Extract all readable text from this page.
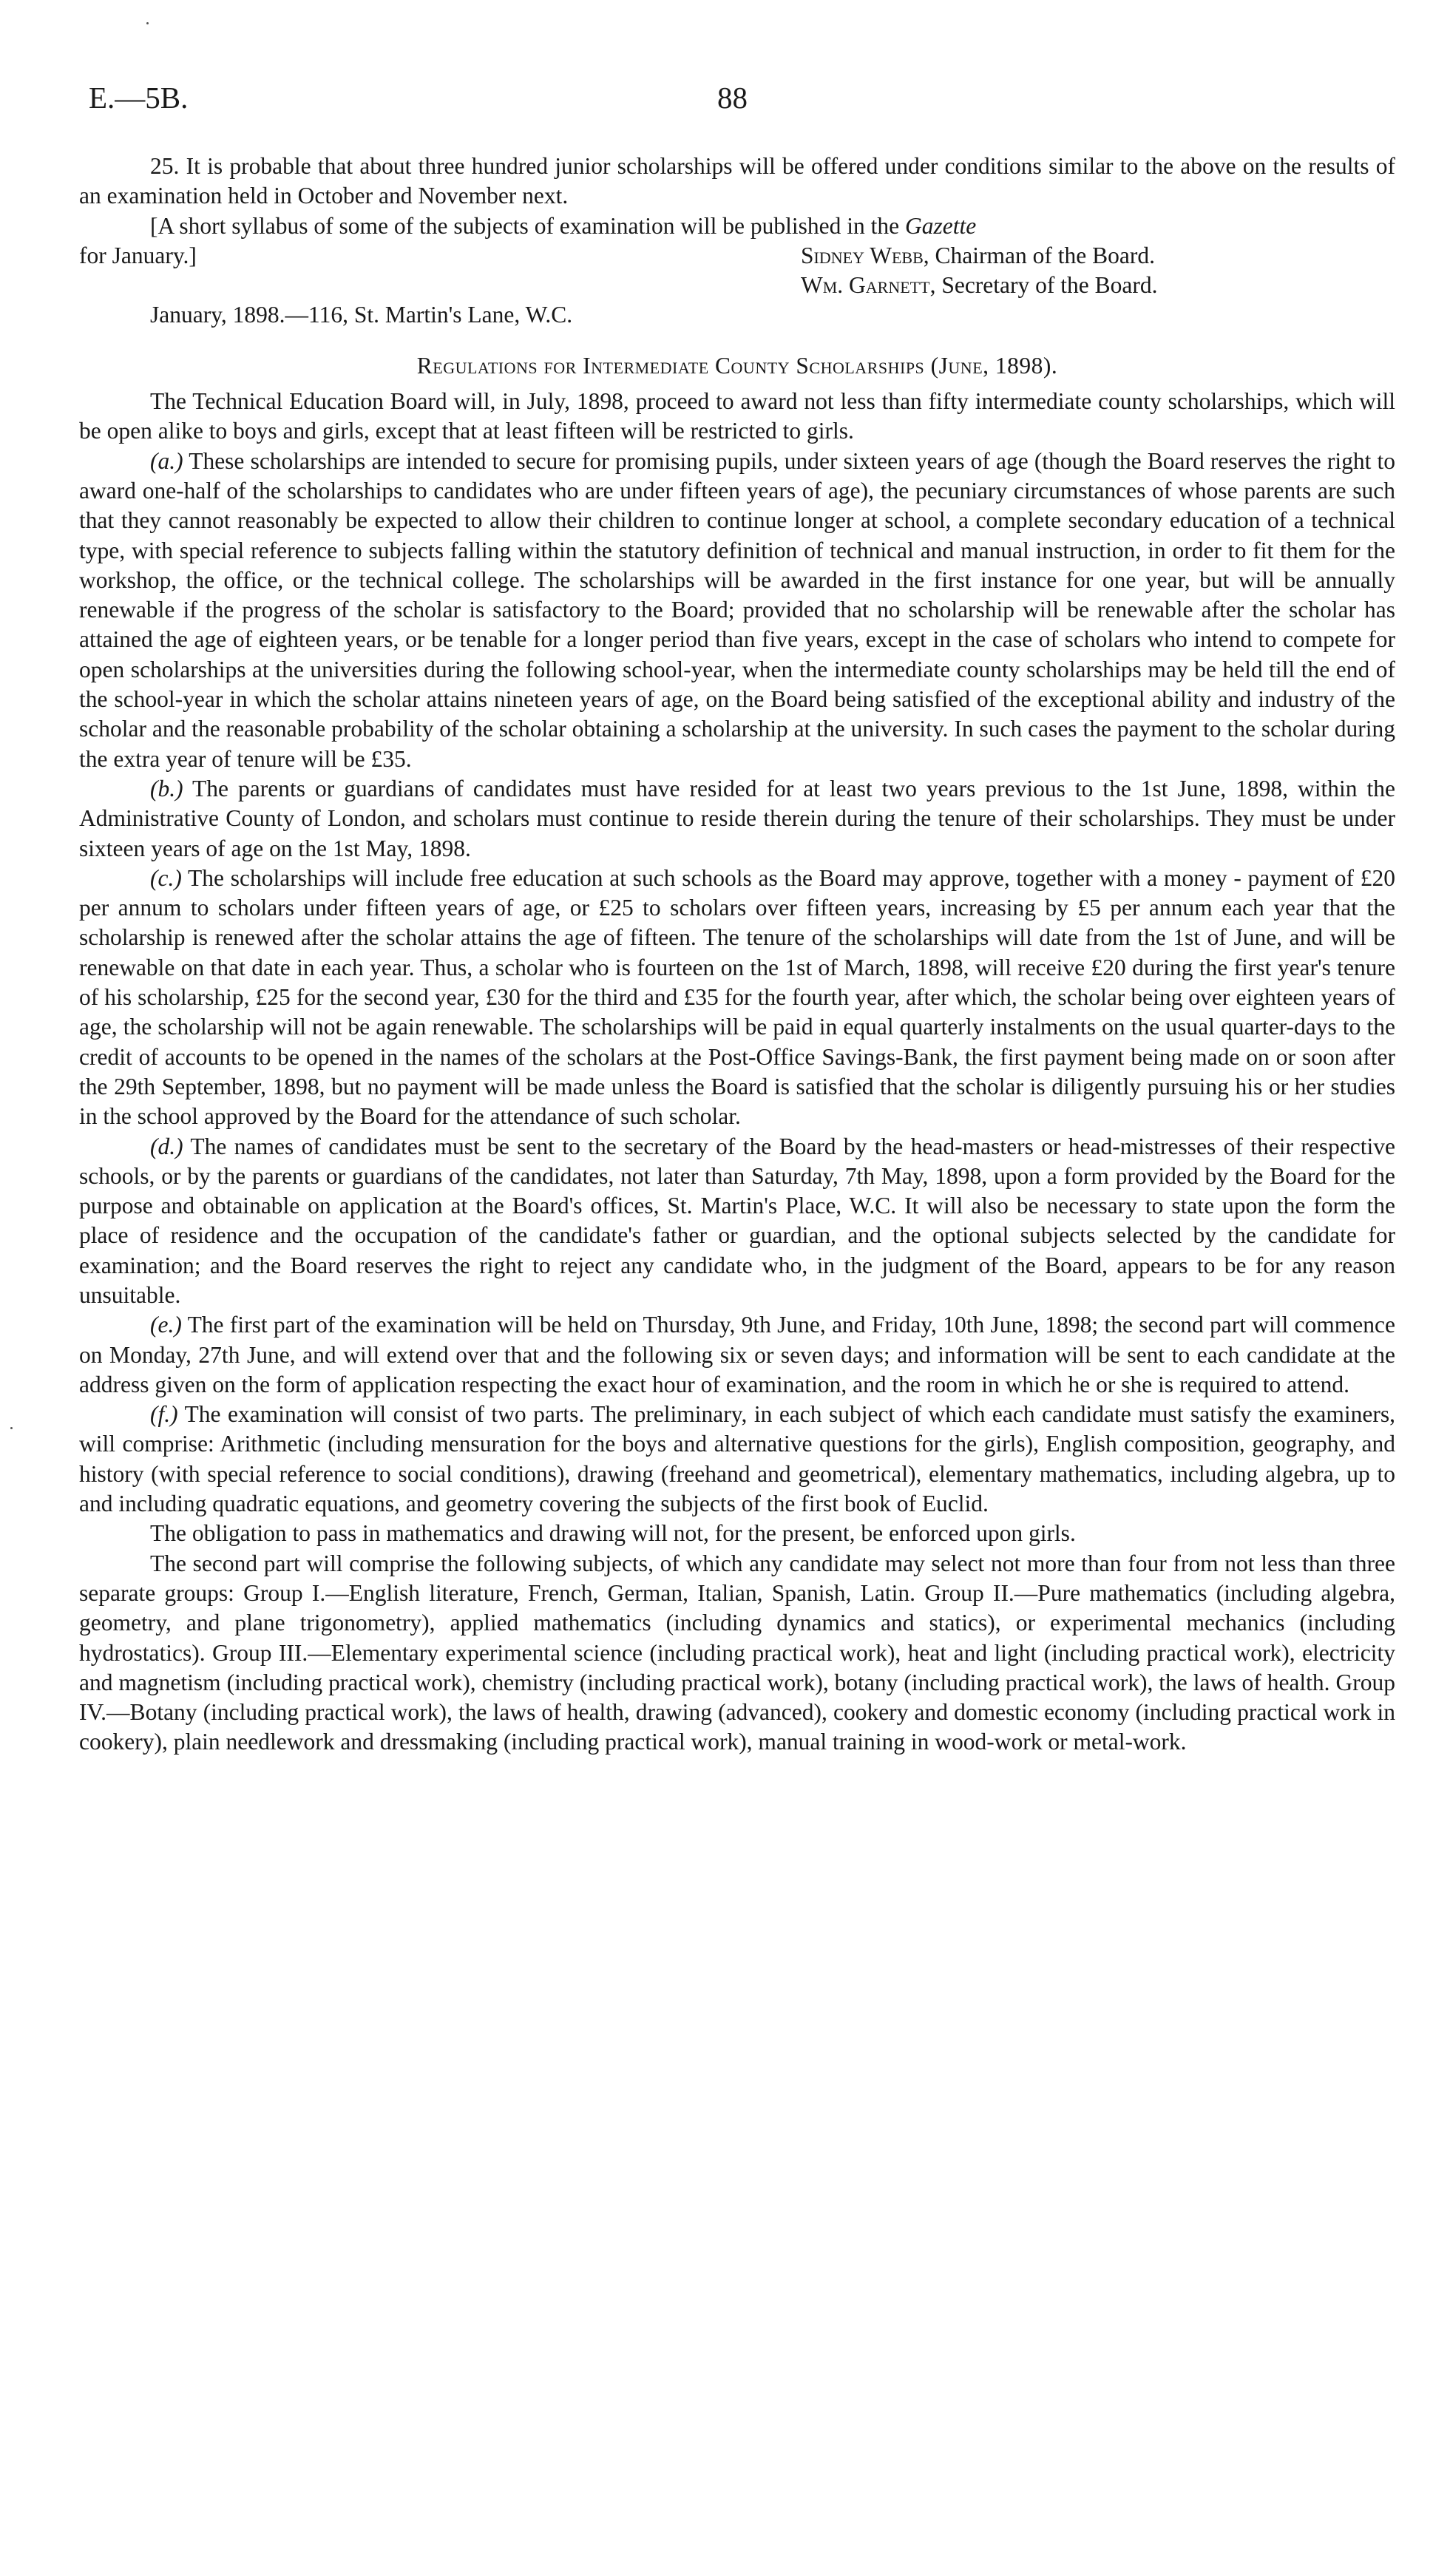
E.—5B.	88

25. It is probable that about three hundred junior scholarships will be offered under conditions similar to the above on the results of an examination held in October and November next.

[A short syllabus of some of the subjects of examination will be published in the Gazette

for January.]	Sidney Webb, Chairman of the Board.

Wm. Garnett, Secretary of the Board.

January, 1898.—116, St. Martin's Lane, W.C.

Regulations for Intermediate County Scholarships (June, 1898).

The Technical Education Board will, in July, 1898, proceed to award not less than fifty intermediate county scholarships, which will be open alike to boys and girls, except that at least fifteen will be restricted to girls.

(a.) These scholarships are intended to secure for promising pupils, under sixteen years of age (though the Board reserves the right to award one-half of the scholarships to candidates who are under fifteen years of age), the pecuniary circumstances of whose parents are such that they cannot reasonably be expected to allow their children to continue longer at school, a complete secondary education of a technical type, with special reference to subjects falling within the statutory definition of technical and manual instruction, in order to fit them for the workshop, the office, or the technical college. The scholarships will be awarded in the first instance for one year, but will be annually renewable if the progress of the scholar is satisfactory to the Board; provided that no scholarship will be renewable after the scholar has attained the age of eighteen years, or be tenable for a longer period than five years, except in the case of scholars who intend to compete for open scholarships at the universities during the following school-year, when the intermediate county scholarships may be held till the end of the school-year in which the scholar attains nineteen years of age, on the Board being satisfied of the exceptional ability and industry of the scholar and the reasonable probability of the scholar obtaining a scholarship at the university. In such cases the payment to the scholar during the extra year of tenure will be £35.

(b.) The parents or guardians of candidates must have resided for at least two years previous to the 1st June, 1898, within the Administrative County of London, and scholars must continue to reside therein during the tenure of their scholarships. They must be under sixteen years of age on the 1st May, 1898.

(c.) The scholarships will include free education at such schools as the Board may approve, together with a money - payment of £20 per annum to scholars under fifteen years of age, or £25 to scholars over fifteen years, increasing by £5 per annum each year that the scholarship is renewed after the scholar attains the age of fifteen. The tenure of the scholarships will date from the 1st of June, and will be renewable on that date in each year. Thus, a scholar who is fourteen on the 1st of March, 1898, will receive £20 during the first year's tenure of his scholarship, £25 for the second year, £30 for the third and £35 for the fourth year, after which, the scholar being over eighteen years of age, the scholarship will not be again renewable. The scholarships will be paid in equal quarterly instalments on the usual quarter-days to the credit of accounts to be opened in the names of the scholars at the Post-Office Savings-Bank, the first payment being made on or soon after the 29th September, 1898, but no payment will be made unless the Board is satisfied that the scholar is diligently pursuing his or her studies in the school approved by the Board for the attendance of such scholar.

(d.) The names of candidates must be sent to the secretary of the Board by the head-masters or head-mistresses of their respective schools, or by the parents or guardians of the candidates, not later than Saturday, 7th May, 1898, upon a form provided by the Board for the purpose and obtainable on application at the Board's offices, St. Martin's Place, W.C. It will also be necessary to state upon the form the place of residence and the occupation of the candidate's father or guardian, and the optional subjects selected by the candidate for examination; and the Board reserves the right to reject any candidate who, in the judgment of the Board, appears to be for any reason unsuitable.

(e.) The first part of the examination will be held on Thursday, 9th June, and Friday, 10th June, 1898; the second part will commence on Monday, 27th June, and will extend over that and the following six or seven days; and information will be sent to each candidate at the address given on the form of application respecting the exact hour of examination, and the room in which he or she is required to attend.

(f.) The examination will consist of two parts. The preliminary, in each subject of which each candidate must satisfy the examiners, will comprise: Arithmetic (including mensuration for the boys and alternative questions for the girls), English composition, geography, and history (with special reference to social conditions), drawing (freehand and geometrical), elementary mathematics, including algebra, up to and including quadratic equations, and geometry covering the subjects of the first book of Euclid.

The obligation to pass in mathematics and drawing will not, for the present, be enforced upon girls.

The second part will comprise the following subjects, of which any candidate may select not more than four from not less than three separate groups: Group I.—English literature, French, German, Italian, Spanish, Latin. Group II.—Pure mathematics (including algebra, geometry, and plane trigonometry), applied mathematics (including dynamics and statics), or experimental mechanics (including hydrostatics). Group III.—Elementary experimental science (including practical work), heat and light (including practical work), electricity and magnetism (including practical work), chemistry (including practical work), botany (including practical work), the laws of health. Group IV.—Botany (including practical work), the laws of health, drawing (advanced), cookery and domestic economy (including practical work in cookery), plain needlework and dressmaking (including practical work), manual training in wood-work or metal-work.
